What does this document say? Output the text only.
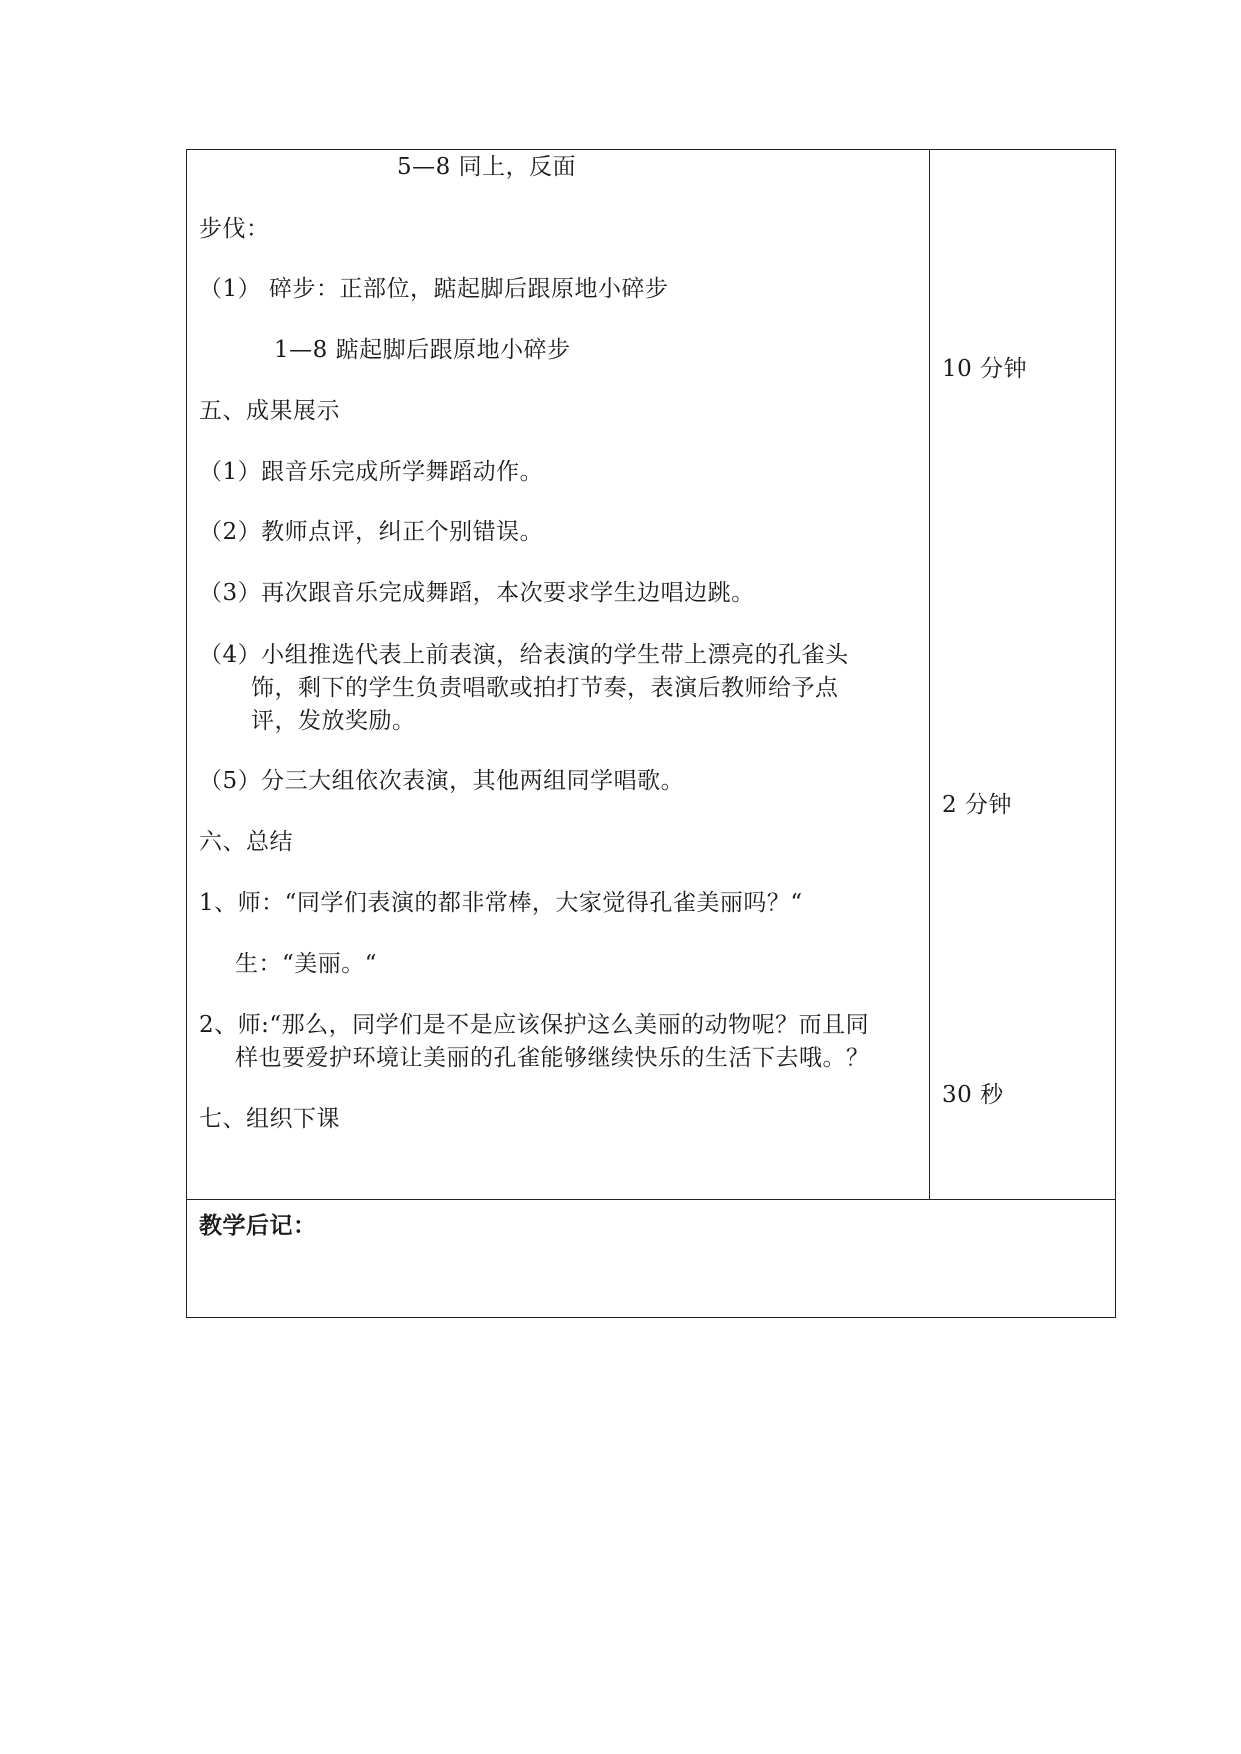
5—8 同上，反面
步伐：
（1） 碎步：正部位，踮起脚后跟原地小碎步
1—8 踮起脚后跟原地小碎步
五、成果展示
（1）跟音乐完成所学舞蹈动作。
（2）教师点评，纠正个别错误。
（3）再次跟音乐完成舞蹈，本次要求学生边唱边跳。
（4）小组推选代表上前表演，给表演的学生带上漂亮的孔雀头
饰，剩下的学生负责唱歌或拍打节奏，表演后教师给予点
评，发放奖励。
（5）分三大组依次表演，其他两组同学唱歌。
六、总结
1、师：“同学们表演的都非常棒，大家觉得孔雀美丽吗？“
生：“美丽。“
2、师:“那么，同学们是不是应该保护这么美丽的动物呢？而且同
样也要爱护环境让美丽的孔雀能够继续快乐的生活下去哦。？
七、组织下课
10 分钟
2 分钟
30 秒
教学后记：
